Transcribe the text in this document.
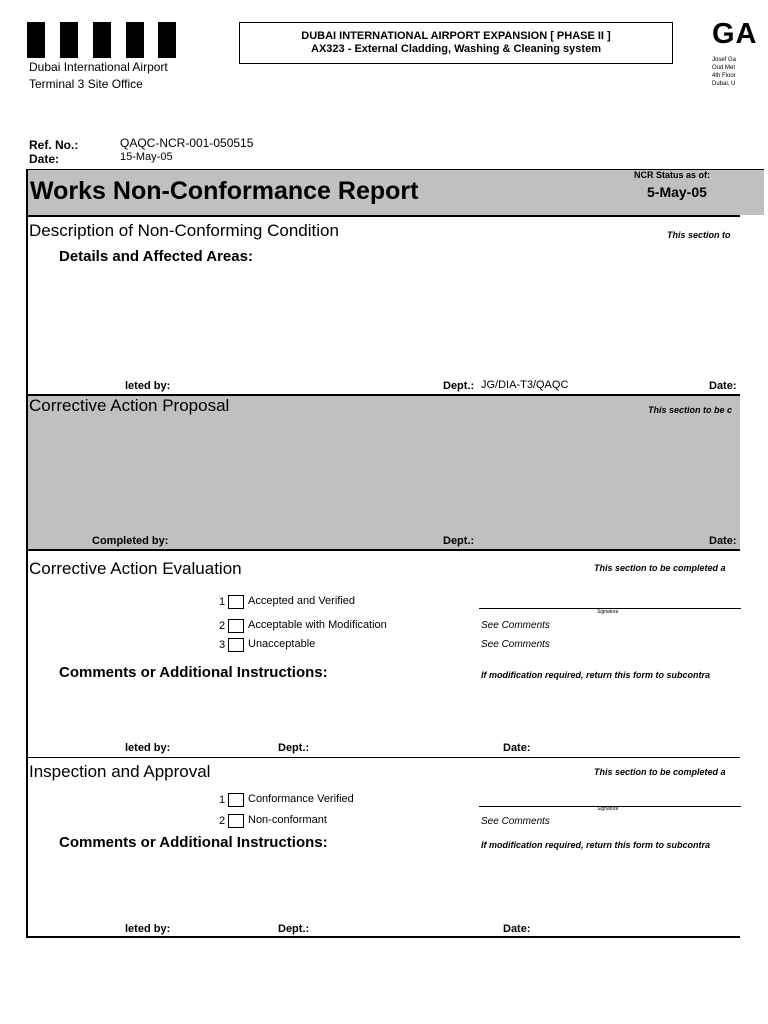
Dubai International Airport
Terminal 3 Site Office
DUBAI INTERNATIONAL AIRPORT EXPANSION [ PHASE II ]
AX323 - External Cladding, Washing & Cleaning system	GA
Josef Ga
Oud Met
4th Floor
Dubai, U
Ref. No.:	QAQC-NCR-001-050515
Date:	15-May-05
Works Non-Conformance Report
NCR Status as of:
5-May-05
Description of Non-Conforming Condition	This section to
Details and Affected Areas:
leted by:	Dept.: JG/DIA-T3/QAQC	Date:
Corrective Action Proposal	This section to be c
Completed by:	Dept.:	Date:
Corrective Action Evaluation	This section to be completed a
1 Accepted and Verified
2 Acceptable with Modification
3 Unacceptable
Signature
See Comments
See Comments
Comments or Additional Instructions:	If modification required, return this form to subcontra
leted by:	Dept.:	Date:
Inspection and Approval	This section to be completed a
1 Conformance Verified
2 Non-conformant
Signature
See Comments
Comments or Additional Instructions:	If modification required, return this form to subcontra
leted by:	Dept.:	Date:
